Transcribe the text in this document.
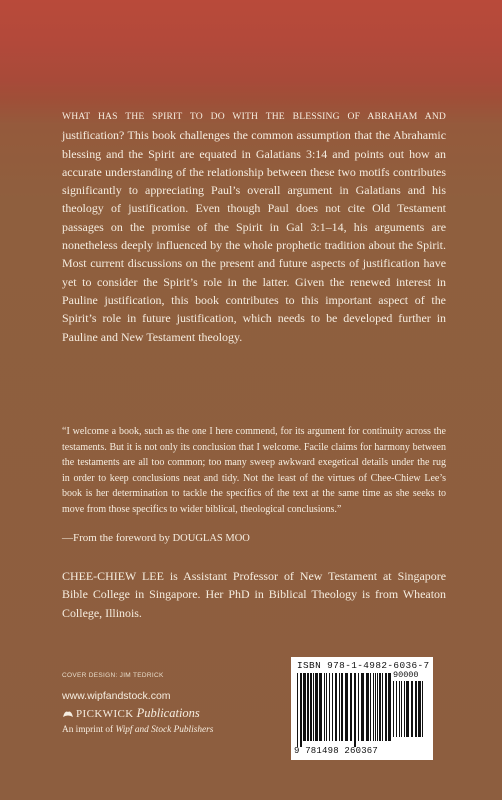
WHAT HAS THE SPIRIT TO DO WITH THE BLESSING OF ABRAHAM AND justification? This book challenges the common assumption that the Abrahamic blessing and the Spirit are equated in Galatians 3:14 and points out how an accurate understanding of the relationship between these two motifs contributes significantly to appreciating Paul’s overall argument in Galatians and his theology of justification. Even though Paul does not cite Old Testament passages on the promise of the Spirit in Gal 3:1–14, his arguments are nonetheless deeply influenced by the whole prophetic tradition about the Spirit. Most current discussions on the present and future aspects of justification have yet to consider the Spirit’s role in the latter. Given the renewed interest in Pauline justification, this book contributes to this important aspect of the Spirit’s role in future justification, which needs to be developed further in Pauline and New Testament theology.

“I welcome a book, such as the one I here commend, for its argument for continuity across the testaments. But it is not only its conclusion that I welcome. Facile claims for harmony between the testaments are all too common; too many sweep awkward exegetical details under the rug in order to keep conclusions neat and tidy. Not the least of the virtues of Chee-Chiew Lee’s book is her determination to tackle the specifics of the text at the same time as she seeks to move from those specifics to wider biblical, theological conclusions.”

—From the foreword by DOUGLAS MOO

CHEE-CHIEW LEE is Assistant Professor of New Testament at Singapore Bible College in Singapore. Her PhD in Biblical Theology is from Wheaton College, Illinois.

COVER DESIGN: JIM TEDRICK

www.wipfandstock.com

PICKWICK Publications

An imprint of Wipf and Stock Publishers

ISBN 978-1-4982-6036-7
90000
9 781498 260367
